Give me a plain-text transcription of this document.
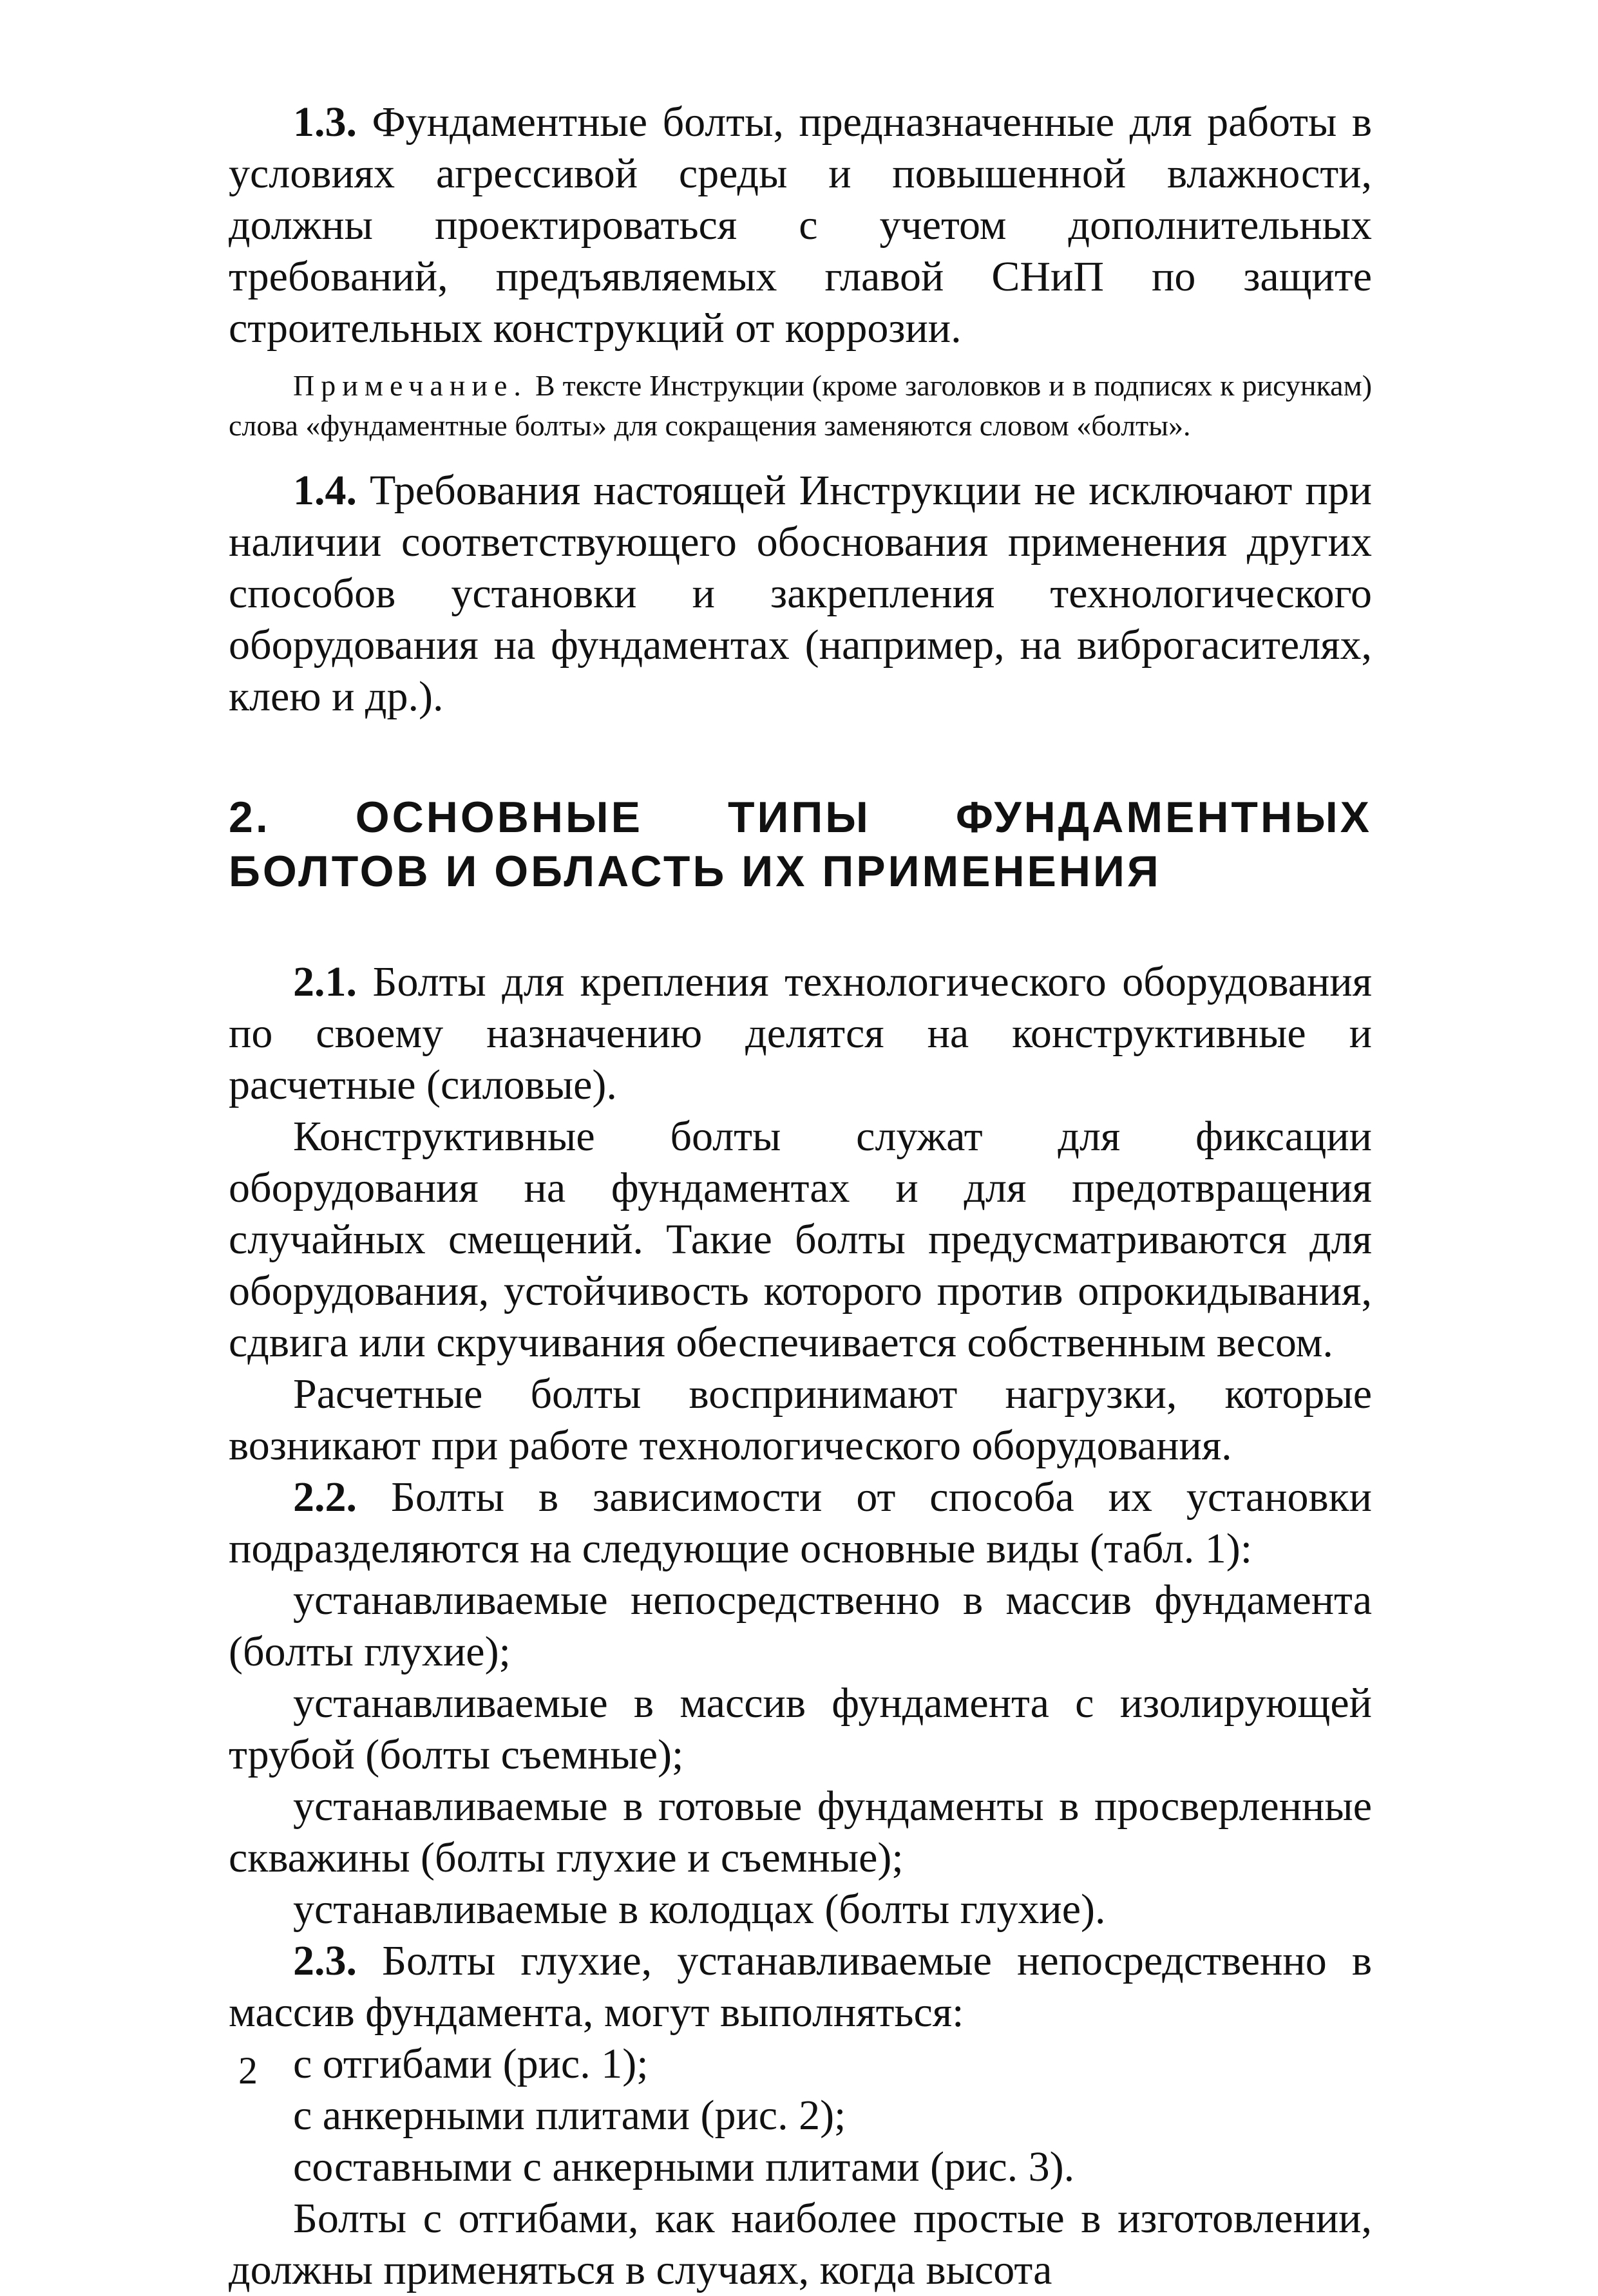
1.3. Фундаментные болты, предназначенные для работы в условиях агрессивой среды и повышенной влажности, должны проектироваться с учетом дополнительных требований, предъявляемых главой СНиП по защите строительных конструкций от коррозии.

Примечание. В тексте Инструкции (кроме заголовков и в подписях к рисункам) слова «фундаментные болты» для сокращения заменяются словом «болты».

1.4. Требования настоящей Инструкции не исключают при наличии соответствующего обоснования применения других способов установки и закрепления технологического оборудования на фундаментах (например, на виброгасителях, клею и др.).

2. ОСНОВНЫЕ ТИПЫ ФУНДАМЕНТНЫХ БОЛТОВ И ОБЛАСТЬ ИХ ПРИМЕНЕНИЯ

2.1. Болты для крепления технологического оборудования по своему назначению делятся на конструктивные и расчетные (силовые).

Конструктивные болты служат для фиксации оборудования на фундаментах и для предотвращения случайных смещений. Такие болты предусматриваются для оборудования, устойчивость которого против опрокидывания, сдвига или скручивания обеспечивается собственным весом.

Расчетные болты воспринимают нагрузки, которые возникают при работе технологического оборудования.

2.2. Болты в зависимости от способа их установки подразделяются на следующие основные виды (табл. 1):

устанавливаемые непосредственно в массив фундамента (болты глухие);

устанавливаемые в массив фундамента с изолирующей трубой (болты съемные);

устанавливаемые в готовые фундаменты в просверленные скважины (болты глухие и съемные);

устанавливаемые в колодцах (болты глухие).

2.3. Болты глухие, устанавливаемые непосредственно в массив фундамента, могут выполняться:

с отгибами (рис. 1);

с анкерными плитами (рис. 2);

составными с анкерными плитами (рис. 3).

Болты с отгибами, как наиболее простые в изготовлении, должны применяться в случаях, когда высота

2
